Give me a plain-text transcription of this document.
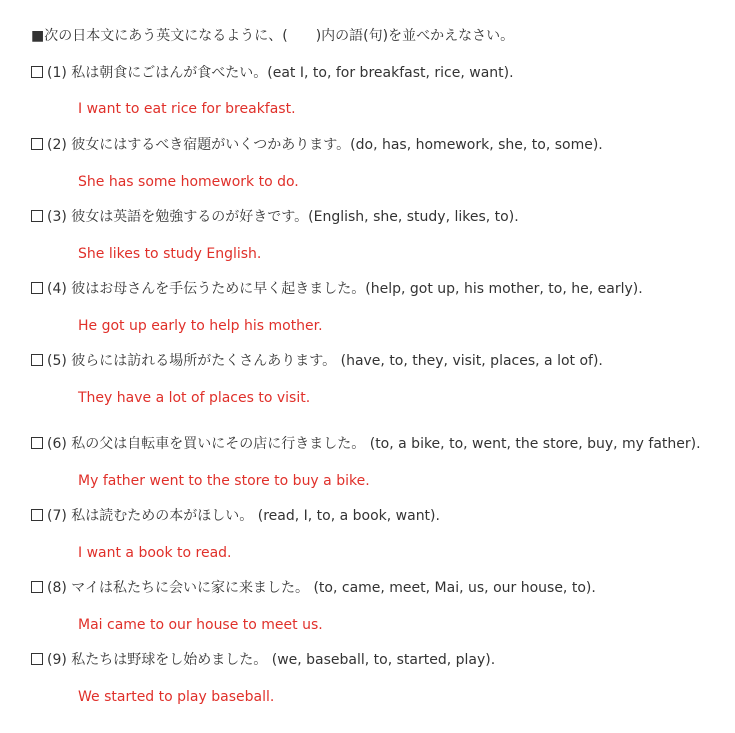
■次の日本文にあう英文になるように、(　　)内の語(句)を並べかえなさい。
(1) 私は朝食にごはんが食べたい。(eat I, to, for breakfast, rice, want).
I want to eat rice for breakfast.
(2) 彼女にはするべき宿題がいくつかあります。(do, has, homework, she, to, some).
She has some homework to do.
(3) 彼女は英語を勉強するのが好きです。(English, she, study, likes, to).
She likes to study English.
(4) 彼はお母さんを手伝うために早く起きました。(help, got up, his mother, to, he, early).
He got up early to help his mother.
(5) 彼らには訪れる場所がたくさんあります。 (have, to, they, visit, places, a lot of).
They have a lot of places to visit.
(6) 私の父は自転車を買いにその店に行きました。 (to, a bike, to, went, the store, buy, my father).
My father went to the store to buy a bike.
(7) 私は読むための本がほしい。 (read, I, to, a book, want).
I want a book to read.
(8) マイは私たちに会いに家に来ました。 (to, came, meet, Mai, us, our house, to).
Mai came to our house to meet us.
(9) 私たちは野球をし始めました。 (we, baseball, to, started, play).
We started to play baseball.
